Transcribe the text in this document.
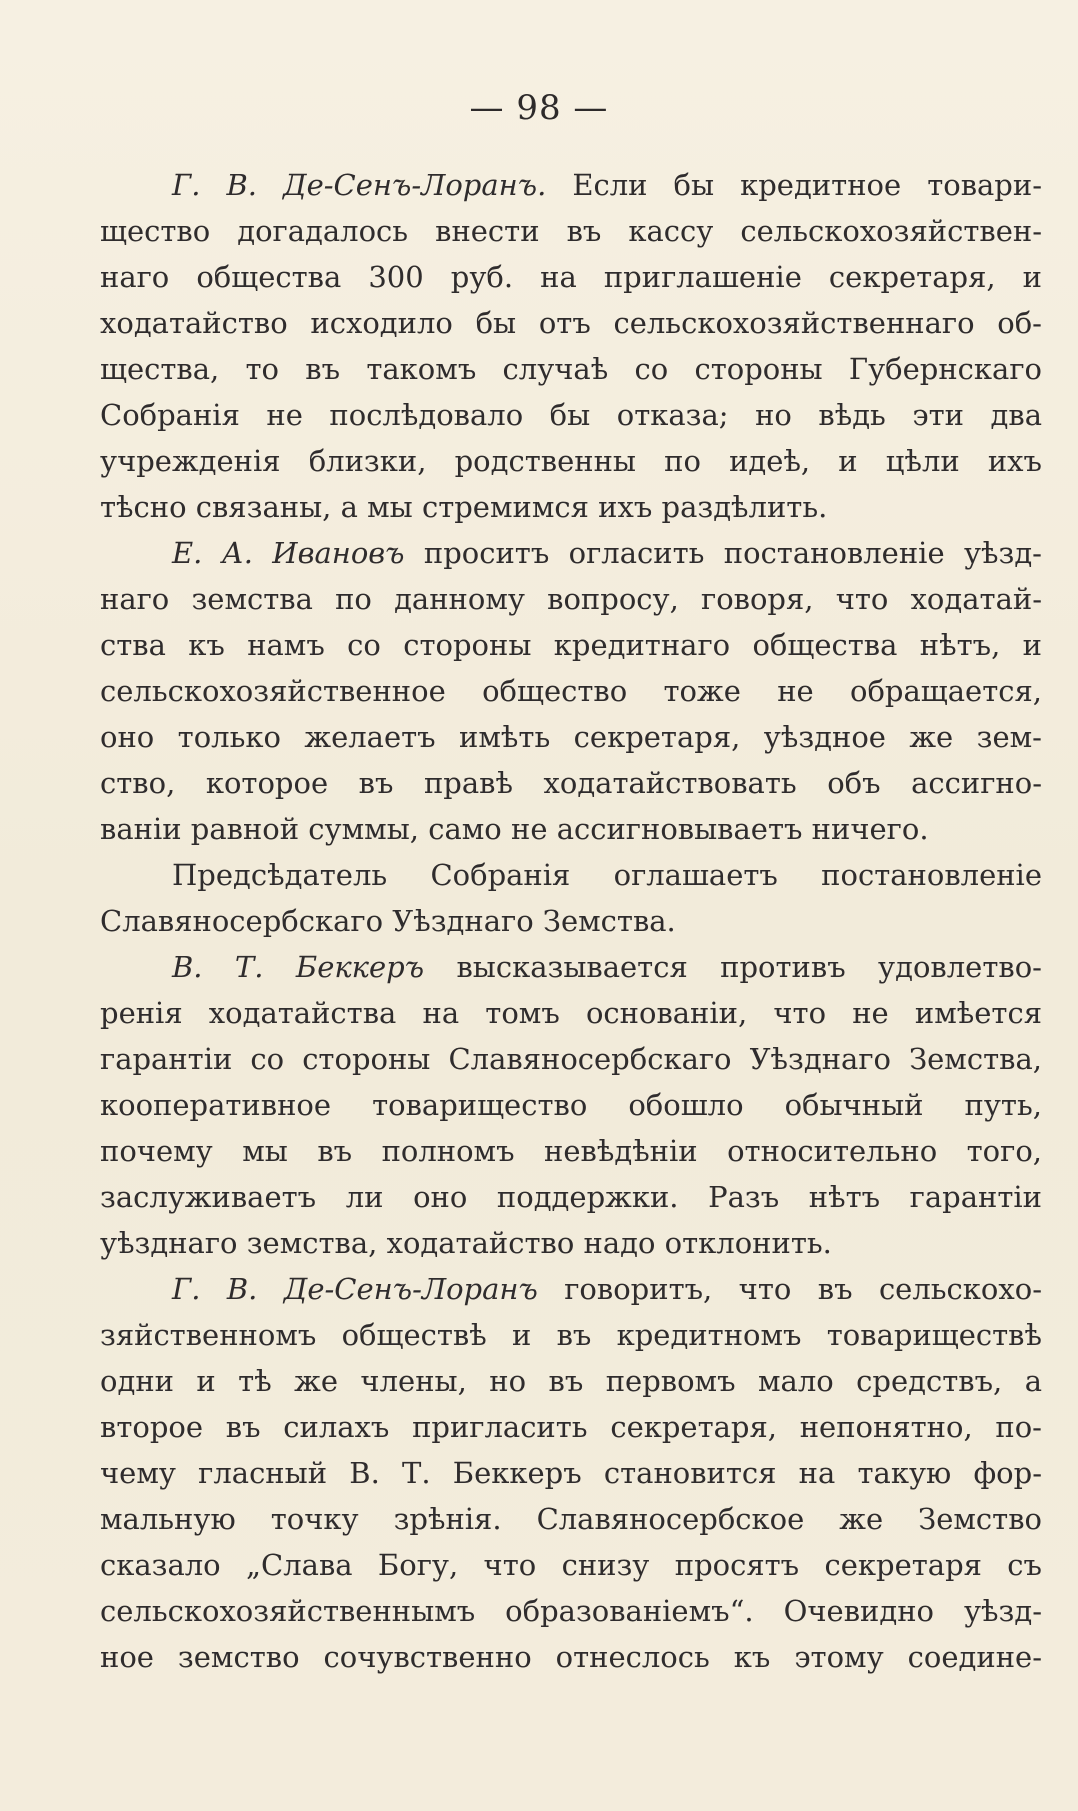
— 98 —
Г. В. Де-Сенъ-Лоранъ. Если бы кредитное товари-
щество догадалось внести въ кассу сельскохозяйствен-
наго общества 300 руб. на приглашеніе секретаря, и
ходатайство исходило бы отъ сельскохозяйственнаго об-
щества, то въ такомъ случаѣ со стороны Губернскаго
Собранія не послѣдовало бы отказа; но вѣдь эти два
учрежденія близки, родственны по идеѣ, и цѣли ихъ
тѣсно связаны, а мы стремимся ихъ раздѣлить.
Е. А. Ивановъ проситъ огласить постановленіе уѣзд-
наго земства по данному вопросу, говоря, что ходатай-
ства къ намъ со стороны кредитнаго общества нѣтъ, и
сельскохозяйственное общество тоже не обращается,
оно только желаетъ имѣть секретаря, уѣздное же зем-
ство, которое въ правѣ ходатайствовать объ ассигно-
ваніи равной суммы, само не ассигновываетъ ничего.
Предсѣдатель Собранія оглашаетъ постановленіе
Славяносербскаго Уѣзднаго Земства.
В. Т. Беккеръ высказывается противъ удовлетво-
ренія ходатайства на томъ основаніи, что не имѣется
гарантіи со стороны Славяносербскаго Уѣзднаго Земства,
кооперативное товарищество обошло обычный путь,
почему мы въ полномъ невѣдѣніи относительно того,
заслуживаетъ ли оно поддержки. Разъ нѣтъ гарантіи
уѣзднаго земства, ходатайство надо отклонить.
Г. В. Де-Сенъ-Лоранъ говоритъ, что въ сельскохо-
зяйственномъ обществѣ и въ кредитномъ товариществѣ
одни и тѣ же члены, но въ первомъ мало средствъ, а
второе въ силахъ пригласить секретаря, непонятно, по-
чему гласный В. Т. Беккеръ становится на такую фор-
мальную точку зрѣнія. Славяносербское же Земство
сказало „Слава Богу, что снизу просятъ секретаря съ
сельскохозяйственнымъ образованіемъ“. Очевидно уѣзд-
ное земство сочувственно отнеслось къ этому соедине-
